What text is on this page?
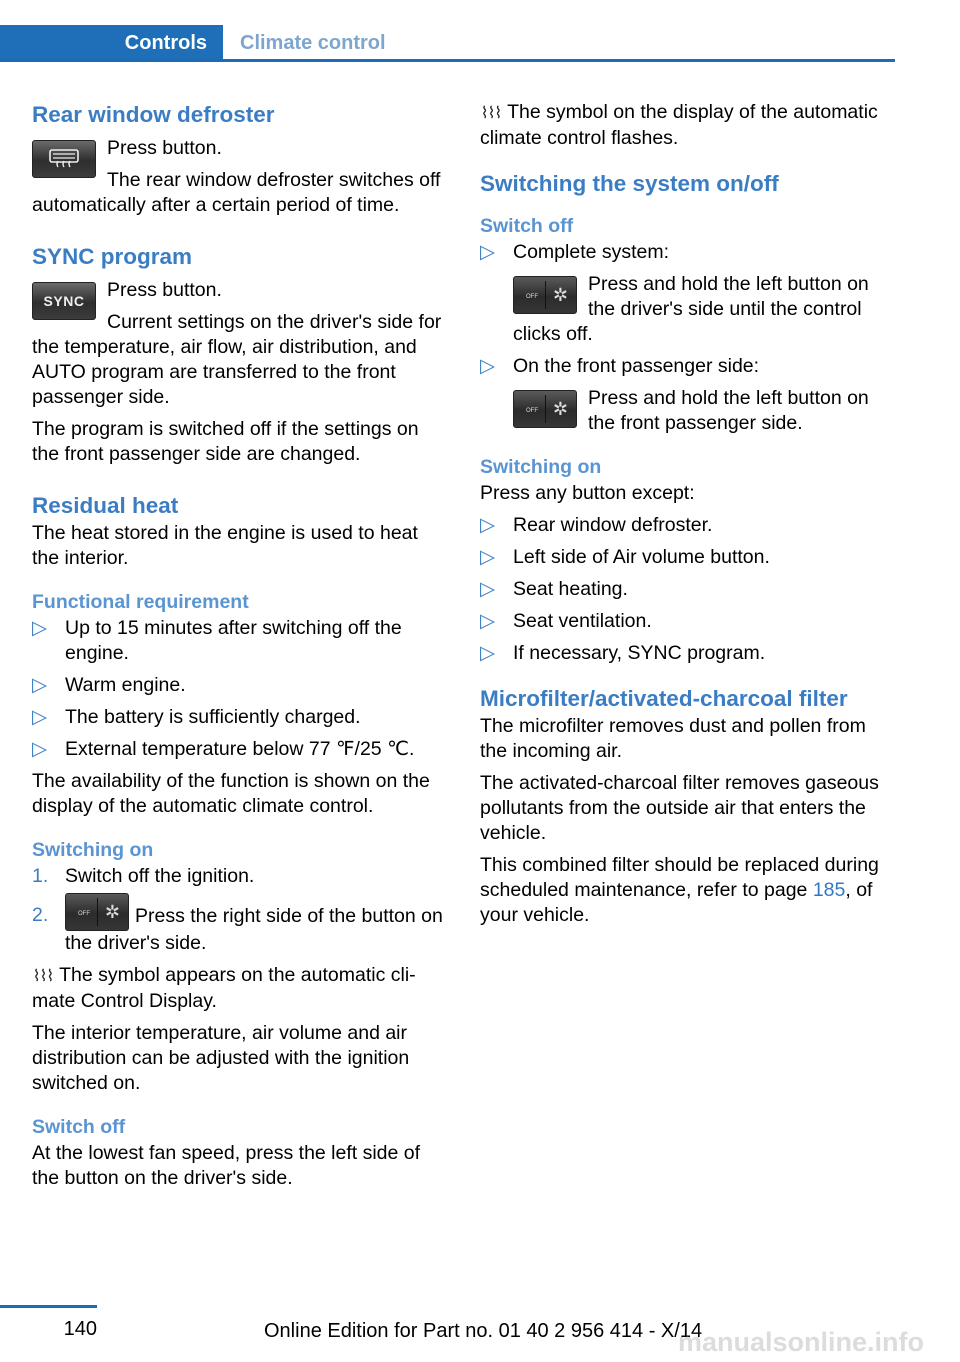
Controls	Climate control
Rear window defroster

Press button.

The rear window defroster switches off automatically after a certain period of time.

SYNC program
SYNC	Press button.

Current settings on the driver's side for the temperature, air flow, air distribution, and AUTO program are transferred to the front passenger side.

The program is switched off if the settings on the front passenger side are changed.

Residual heat

The heat stored in the engine is used to heat the interior.

Functional requirement
▷ Up to 15 minutes after switching off the engine.
▷ Warm engine.
▷ The battery is sufficiently charged.
▷ External temperature below 77 ℉/25 ℃.

The availability of the function is shown on the display of the automatic climate control.

Switching on
1. Switch off the ignition.
2.	OFF ✲ Press the right side of the button on the driver's side.

⌇⌇⌇ The symbol appears on the automatic cli‐mate Control Display.

The interior temperature, air volume and air distribution can be adjusted with the ignition switched on.

Switch off

At the lowest fan speed, press the left side of the button on the driver's side.

⌇⌇⌇ The symbol on the display of the automatic climate control flashes.

Switching the system on/off
Switch off
▷ Complete system:
OFF ✲ Press and hold the left button on the driver's side until the control clicks off.
▷ On the front passenger side:
OFF ✲ Press and hold the left button on the front passenger side.
Switching on

Press any button except:

▷ Rear window defroster.
▷ Left side of Air volume button.
▷ Seat heating.
▷ Seat ventilation.
▷ If necessary, SYNC program.
Microfilter/activated-charcoal filter

The microfilter removes dust and pollen from the incoming air.

The activated-charcoal filter removes gaseous pollutants from the outside air that enters the vehicle.

This combined filter should be replaced during scheduled maintenance, refer to page 185, of your vehicle.

140	Online Edition for Part no. 01 40 2 956 414 - X/14
manualsonline.info
